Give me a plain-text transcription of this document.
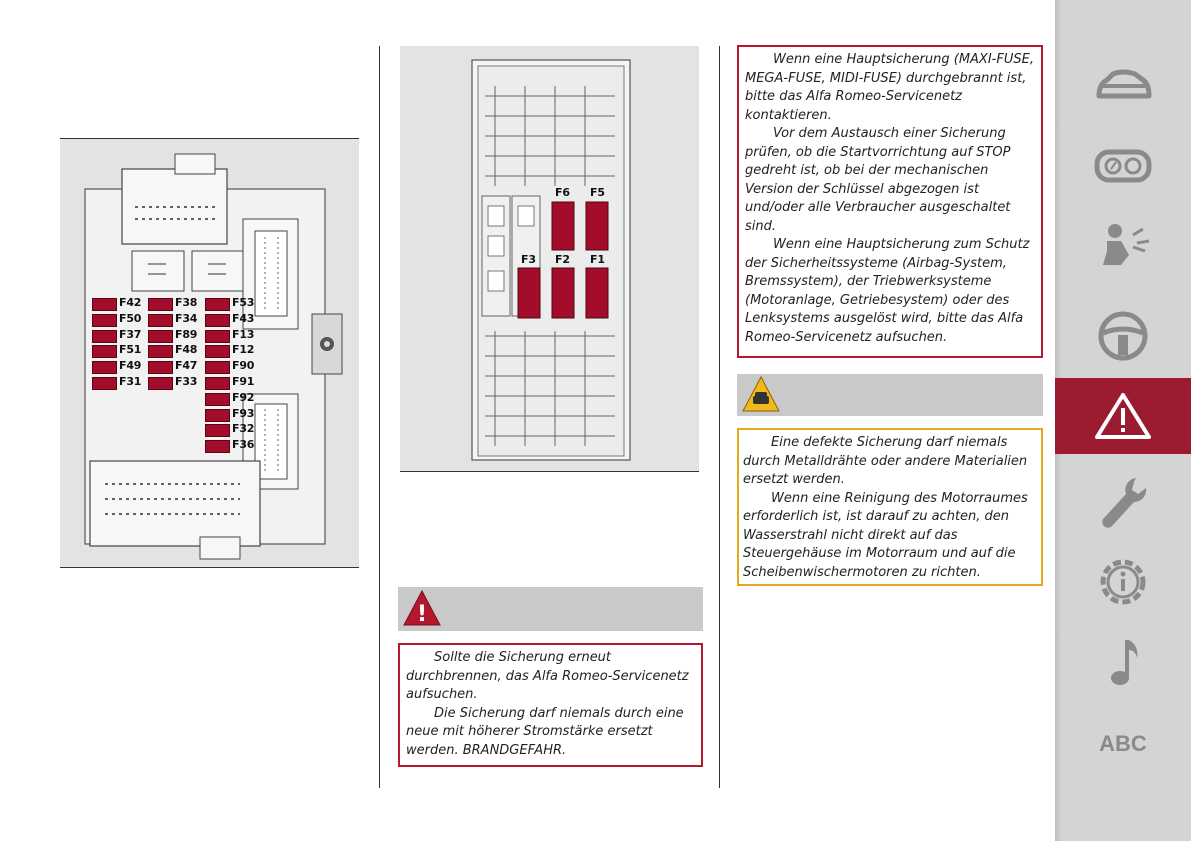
F42
F50
F37
F51
F49
F31
F38
F34
F89
F48
F47
F33
F53
F43
F13
F12
F90
F91
F92
F93
F32
F36
F6 F5
F3 F2 F1
!

Sollte die Sicherung erneut durchbrennen, das Alfa Romeo-Servicenetz aufsuchen.

Die Sicherung darf niemals durch eine neue mit höherer Stromstärke ersetzt werden. BRANDGEFAHR.

Wenn eine Hauptsicherung (MAXI-FUSE, MEGA-FUSE, MIDI-FUSE) durchgebrannt ist, bitte das Alfa Romeo-Servicenetz kontaktieren.

Vor dem Austausch einer Sicherung prüfen, ob die Startvorrichtung auf STOP gedreht ist, ob bei der mechanischen Version der Schlüssel abgezogen ist und/oder alle Verbraucher ausgeschaltet sind.

Wenn eine Hauptsicherung zum Schutz der Sicherheitssysteme (Airbag-System, Bremssystem), der Triebwerksysteme (Motoranlage, Getriebesystem) oder des Lenksystems ausgelöst wird, bitte das Alfa Romeo-Servicenetz aufsuchen.

Eine defekte Sicherung darf niemals durch Metalldrähte oder andere Materialien ersetzt werden.

Wenn eine Reinigung des Motorraumes erforderlich ist, ist darauf zu achten, den Wasserstrahl nicht direkt auf das Steuergehäuse im Motorraum und auf die Scheibenwischermotoren zu richten.

ABC
